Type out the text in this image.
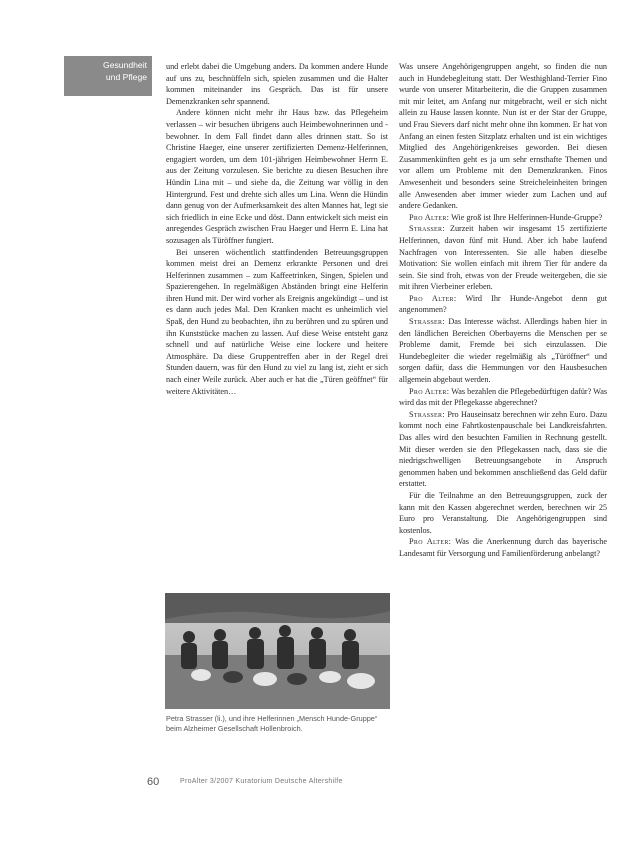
Gesundheit
und Pflege

und erlebt dabei die Umgebung anders. Da kommen andere Hunde auf uns zu, beschnüffeln sich, spielen zusammen und die Halter kommen miteinander ins Gespräch. Das ist für unsere Demenzkranken sehr spannend.

Andere können nicht mehr ihr Haus bzw. das Pflegeheim verlassen – wir besuchen übrigens auch Heimbewohnerinnen und -bewohner. In dem Fall findet dann alles drinnen statt. So ist Christine Haeger, eine unserer zertifizierten Demenz-Helferinnen, engagiert worden, um dem 101-jährigen Heimbewohner Herrn E. aus der Zeitung vorzulesen. Sie berichte zu diesen Besuchen ihre Hündin Lina mit – und siehe da, die Zeitung war völlig in den Hintergrund. Fest und drehte sich alles um Lina. Wenn die Hündin dann genug von der Aufmerksamkeit des alten Mannes hat, legt sie sich friedlich in eine Ecke und döst. Dann entwickelt sich meist ein anregendes Gespräch zwischen Frau Haeger und Herrn E. Lina hat sozusagen als Türöffner fungiert.

Bei unseren wöchentlich stattfindenden Betreuungsgruppen kommen meist drei an Demenz erkrankte Personen und drei Helferinnen zusammen – zum Kaffeetrinken, Singen, Spielen und Spazierengehen. In regelmäßigen Abständen bringt eine Helferin ihren Hund mit. Der wird vorher als Ereignis angekündigt – und ist es dann auch jedes Mal. Den Kranken macht es unheimlich viel Spaß, den Hund zu beobachten, ihn zu berühren und zu spüren und ihn Kunststücke machen zu lassen. Auf diese Weise entsteht ganz schnell und auf natürliche Weise eine lockere und heitere Atmosphäre. Da diese Gruppentreffen aber in der Regel drei Stunden dauern, was für den Hund zu viel zu lang ist, zieht er sich nach einer Weile zurück. Aber auch er hat die „Türen geöffnet“ für weitere Aktivitäten…

Was unsere Angehörigengruppen angeht, so finden die nun auch in Hundebegleitung statt. Der Westhighland-Terrier Fino wurde von unserer Mitarbeiterin, die die Gruppen zusammen mit mir leitet, am Anfang nur mitgebracht, weil er sich nicht allein zu Hause lassen konnte. Nun ist er der Star der Gruppe, und Frau Sievers darf nicht mehr ohne ihn kommen. Er hat von Anfang an einen festen Sitzplatz erhalten und ist ein wichtiges Mitglied des Angehörigenkreises geworden. Bei diesen Zusammenkünften geht es ja um sehr ernsthafte Themen und vor allem um Probleme mit den Demenzkranken. Finos Anwesenheit und besonders seine Streicheleinheiten bringen alle Anwesenden aber immer wieder zum Lachen und auf andere Gedanken.

Pro Alter: Wie groß ist Ihre Helferinnen-Hunde-Gruppe?

Strasser: Zurzeit haben wir insgesamt 15 zertifizierte Helferinnen, davon fünf mit Hund. Aber ich habe laufend Nachfragen von Interessenten. Sie alle haben dieselbe Motivation: Sie wollen einfach mit ihrem Tier für andere da sein. Sie sind froh, etwas von der Freude weitergeben, die sie mit ihren Vierbeiner erleben.

Pro Alter: Wird Ihr Hunde-Angebot denn gut angenommen?

Strasser: Das Interesse wächst. Allerdings haben hier in den ländlichen Bereichen Oberbayerns die Menschen per se Probleme damit, Fremde bei sich einzulassen. Die Hundebegleiter die wieder regelmäßig als „Türöffner“ und sorgen dafür, dass die Hemmungen vor den Hausbesuchen allgemein abgebaut werden.

Pro Alter: Was bezahlen die Pflegebedürftigen dafür? Was wird das mit der Pflegekasse abgerechnet?

Strasser: Pro Hauseinsatz berechnen wir zehn Euro. Dazu kommt noch eine Fahrtkostenpauschale bei Landkreisfahrten. Das alles wird den besuchten Familien in Rechnung gestellt. Mit dieser werden sie den Pflegekassen nach, dass sie die niedrigschwelligen Betreuungsangebote in Anspruch genommen haben und bekommen anschließend das Geld dafür erstattet.

Für die Teilnahme an den Betreuungsgruppen, zuck der kann mit den Kassen abgerechnet werden, berechnen wir 25 Euro pro Veranstaltung. Die Angehörigengruppen sind kostenlos.

Pro Alter: Was die Anerkennung durch das bayerische Landesamt für Versorgung und Familienförderung anbelangt?

Petra Strasser (li.), und ihre Helferinnen „Mensch Hunde-Gruppe“ beim Alzheimer Gesellschaft Hollenbroich.
60	ProAlter 3/2007 Kuratorium Deutsche Altershilfe
